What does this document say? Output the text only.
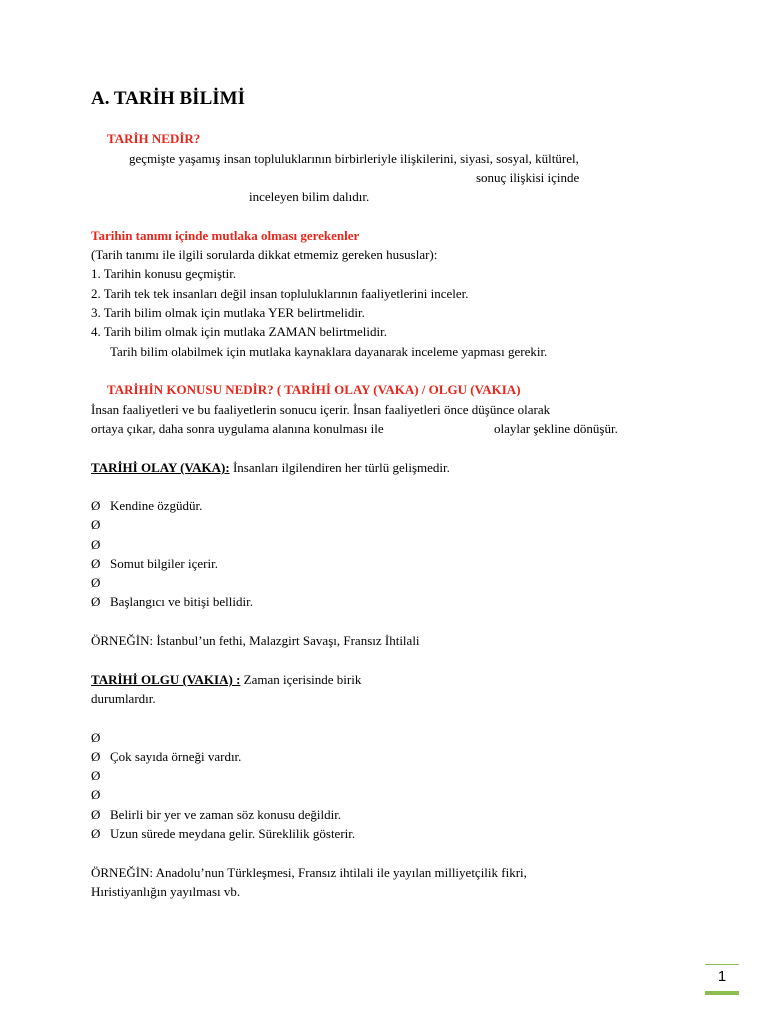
A. TARİH BİLİMİ
TARİH NEDİR?
geçmişte yaşamış insan topluluklarının birbirleriyle ilişkilerini, siyasi, sosyal, kültürel,
sonuç ilişkisi içinde
inceleyen bilim dalıdır.
Tarihin tanımı içinde mutlaka olması gerekenler
(Tarih tanımı ile ilgili sorularda dikkat etmemiz gereken hususlar):
1. Tarihin konusu geçmiştir.
2. Tarih tek tek insanları değil insan topluluklarının faaliyetlerini inceler.
3. Tarih bilim olmak için mutlaka YER belirtmelidir.
4. Tarih bilim olmak için mutlaka ZAMAN belirtmelidir.
Tarih bilim olabilmek için mutlaka kaynaklara dayanarak inceleme yapması gerekir.
TARİHİN KONUSU NEDİR? ( TARİHİ OLAY (VAKA) / OLGU (VAKIA)
İnsan faaliyetleri ve bu faaliyetlerin sonucu içerir. İnsan faaliyetleri önce düşünce olarak
ortaya çıkar, daha sonra uygulama alanına konulması ile	olaylar şekline dönüşür.
TARİHİ OLAY (VAKA): İnsanları ilgilendiren her türlü gelişmedir.
Ø Kendine özgüdür.
Ø
Ø
Ø Somut bilgiler içerir.
Ø
Ø Başlangıcı ve bitişi bellidir.
ÖRNEĞİN: İstanbul’un fethi, Malazgirt Savaşı, Fransız İhtilali
TARİHİ OLGU (VAKIA) : Zaman içerisinde birik
durumlardır.
Ø
Ø Çok sayıda örneği vardır.
Ø
Ø
Ø Belirli bir yer ve zaman söz konusu değildir.
Ø Uzun sürede meydana gelir. Süreklilik gösterir.
ÖRNEĞİN: Anadolu’nun Türkleşmesi, Fransız ihtilali ile yayılan milliyetçilik fikri,
Hıristiyanlığın yayılması vb.
1
